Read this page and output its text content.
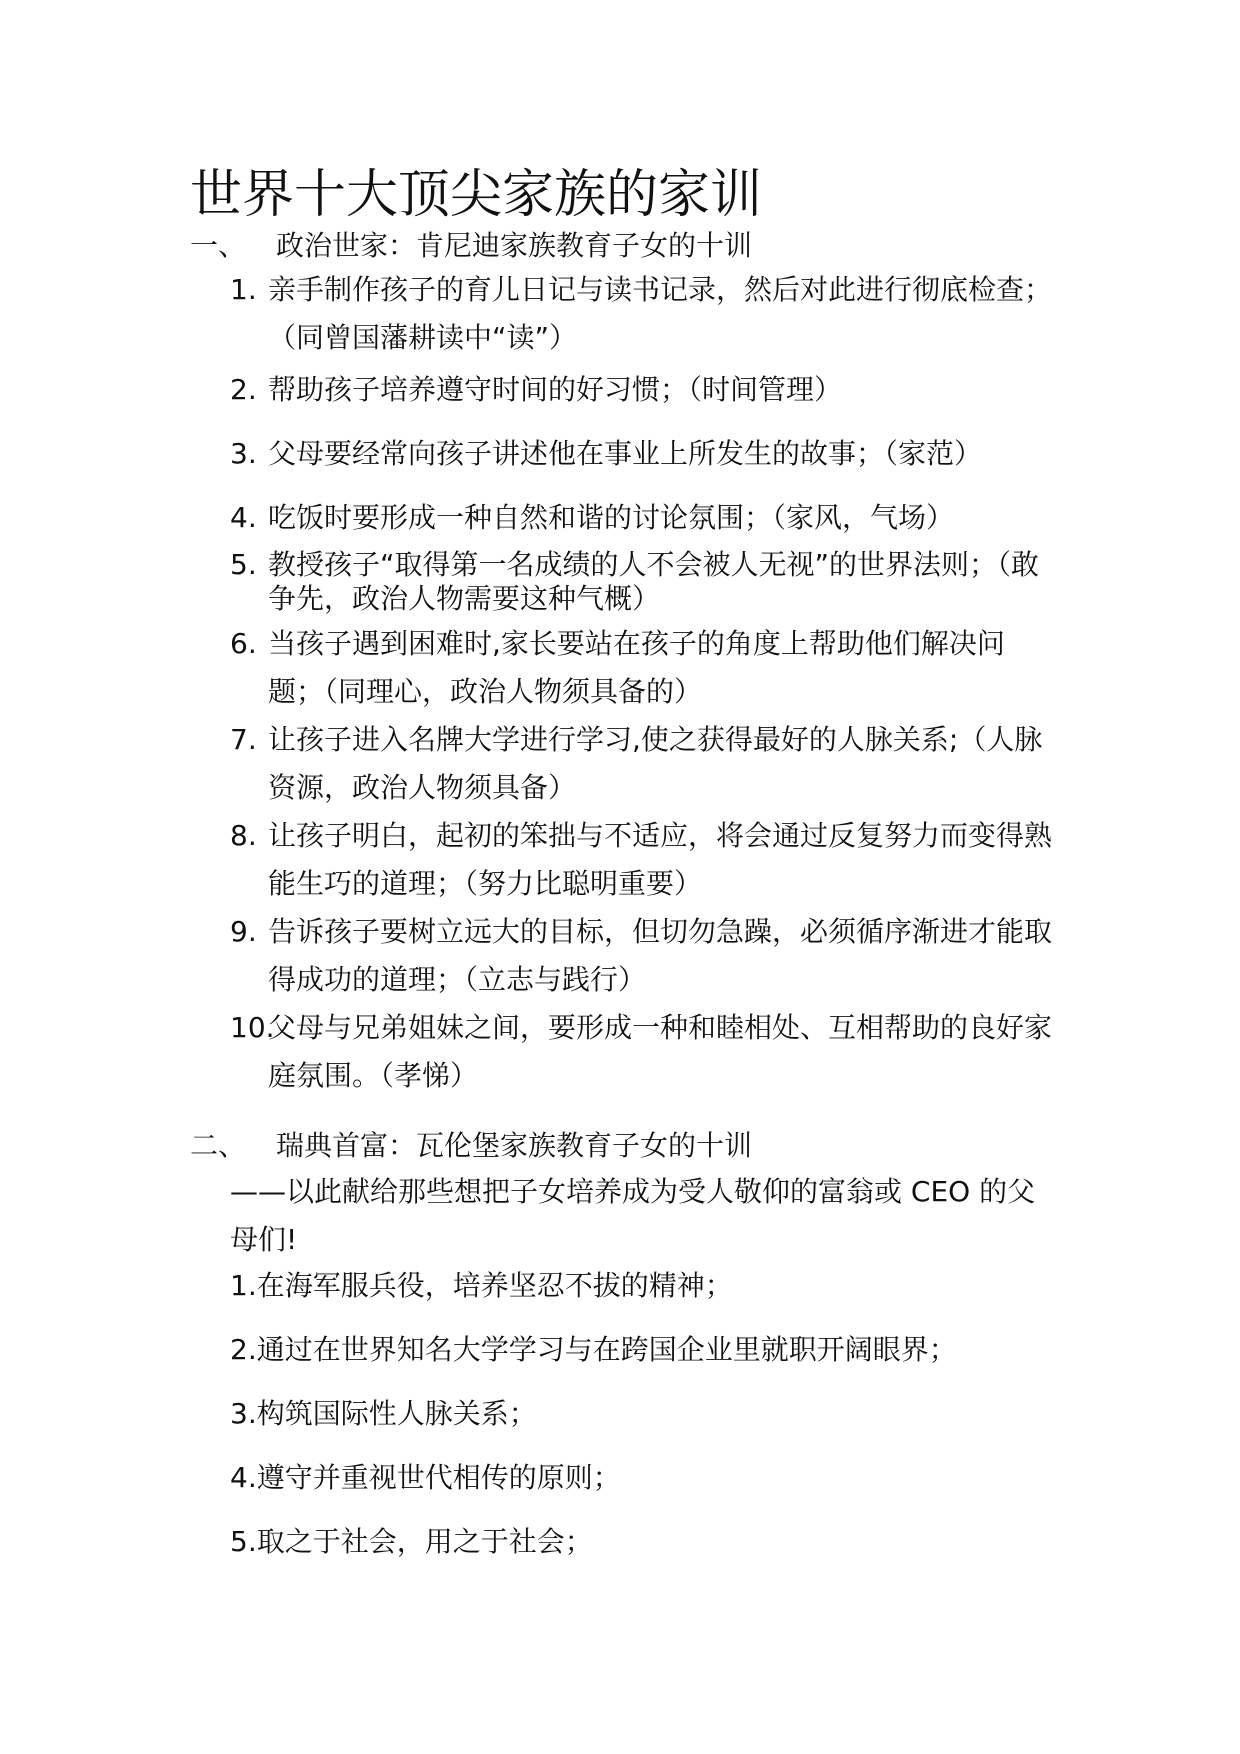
世界十大顶尖家族的家训
一、 政治世家：肯尼迪家族教育子女的十训
1. 亲手制作孩子的育儿日记与读书记录，然后对此进行彻底检查；（同曾国藩耕读中“读”）
2. 帮助孩子培养遵守时间的好习惯；（时间管理）
3. 父母要经常向孩子讲述他在事业上所发生的故事；（家范）
4. 吃饭时要形成一种自然和谐的讨论氛围；（家风，气场）
5. 教授孩子“取得第一名成绩的人不会被人无视”的世界法则；（敢争先，政治人物需要这种气概）
6. 当孩子遇到困难时,家长要站在孩子的角度上帮助他们解决问题；（同理心，政治人物须具备的）
7. 让孩子进入名牌大学进行学习,使之获得最好的人脉关系;（人脉资源，政治人物须具备）
8. 让孩子明白，起初的笨拙与不适应，将会通过反复努力而变得熟能生巧的道理；（努力比聪明重要）
9. 告诉孩子要树立远大的目标，但切勿急躁，必须循序渐进才能取得成功的道理；（立志与践行）
10.
父母与兄弟姐妹之间，要形成一种和睦相处、互相帮助的良好家庭氛围。（孝悌）
二、 瑞典首富：瓦伦堡家族教育子女的十训
——以此献给那些想把子女培养成为受人敬仰的富翁或 CEO 的父母们!
1.在海军服兵役，培养坚忍不拔的精神；
2.通过在世界知名大学学习与在跨国企业里就职开阔眼界；
3.构筑国际性人脉关系；
4.遵守并重视世代相传的原则；
5.取之于社会，用之于社会；
